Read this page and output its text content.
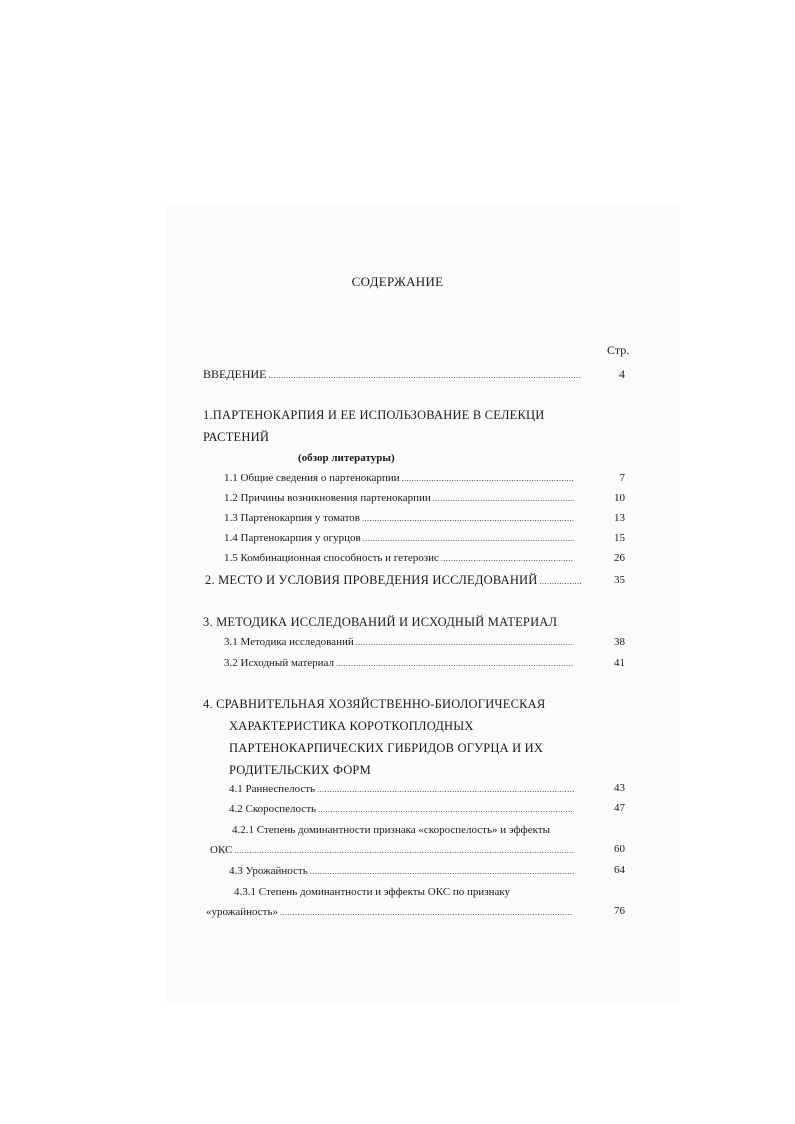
СОДЕРЖАНИЕ
Стр.
ВВЕДЕНИЕ .....	4
1.ПАРТЕНОКАРПИЯ И ЕЕ ИСПОЛЬЗОВАНИЕ В СЕЛЕКЦИ
РАСТЕНИЙ
(обзор литературы)
1.1 Общие сведения о партенокарпии .....	7
1.2 Причины возникновения партенокарпии .....	10
1.3 Партенокарпия у томатов .....	13
1.4 Партенокарпия у огурцов .....	15
1.5 Комбинационная способность и гетерозис .....	26
2. МЕСТО И УСЛОВИЯ ПРОВЕДЕНИЯ ИССЛЕДОВАНИЙ .....	35
3. МЕТОДИКА ИССЛЕДОВАНИЙ И ИСХОДНЫЙ МАТЕРИАЛ
3.1 Методика исследований .....	38
3.2 Исходный материал .....	41
4. СРАВНИТЕЛЬНАЯ ХОЗЯЙСТВЕННО-БИОЛОГИЧЕСКАЯ
ХАРАКТЕРИСТИКА КОРОТКОПЛОДНЫХ
ПАРТЕНОКАРПИЧЕСКИХ ГИБРИДОВ ОГУРЦА И ИХ
РОДИТЕЛЬСКИХ ФОРМ
4.1 Раннеспелость .....	43
4.2 Скороспелость .....	47
4.2.1 Степень доминантности признака «скороспелость» и эффекты
ОКС .....	60
4.3 Урожайность .....	64
4.3.1 Степень доминантности и эффекты ОКС по признаку
«урожайность» .....	76
